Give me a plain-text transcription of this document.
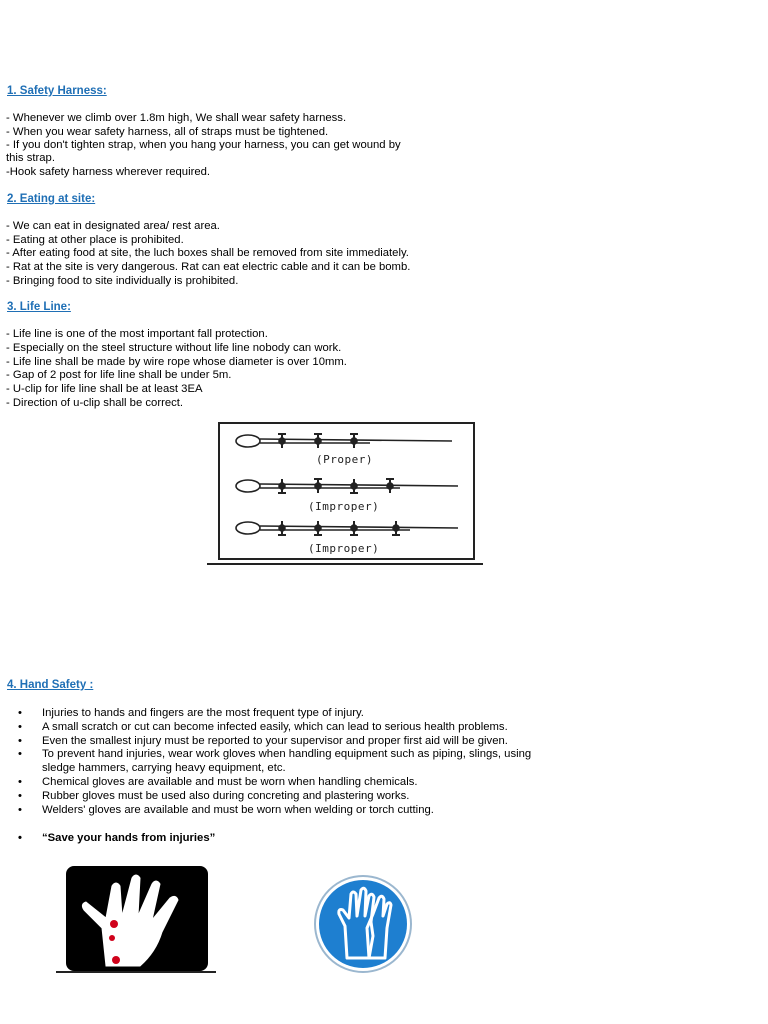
1. Safety Harness:
- Whenever we climb over 1.8m high, We shall wear safety harness.
- When you wear safety harness, all of straps must be tightened.
- If you don't tighten strap, when you hang your harness, you can get wound by
this strap.
-Hook safety harness wherever required.
2. Eating at site:
- We can eat in designated area/ rest area.
- Eating at other place is prohibited.
- After eating food at site, the luch boxes shall be removed from site immediately.
- Rat at the site is very dangerous. Rat can eat electric cable and it can be bomb.
- Bringing food to site individually is prohibited.
3. Life Line:
- Life line is one of the most important fall protection.
- Especially on the steel structure without life line nobody can work.
- Life line shall be made by wire rope whose diameter is over 10mm.
- Gap of 2 post for life line shall be under 5m.
- U-clip for life line shall be at least 3EA
- Direction of u-clip shall be correct.
(Proper)
(Improper)
(Improper)
4. Hand Safety :

• Injuries to hands and fingers are the most frequent type of injury.

• A small scratch or cut can become infected easily, which can lead to serious health problems.

• Even the smallest injury must be reported to your supervisor and proper first aid will be given.

• To prevent hand injuries, wear work gloves when handling equipment such as piping, slings, using sledge hammers, carrying heavy equipment, etc.

• Chemical gloves are available and must be worn when handling chemicals.

• Rubber gloves must be used also during concreting and plastering works.

• Welders' gloves are available and must be worn when welding or torch cutting.

• “Save your hands from injuries”
